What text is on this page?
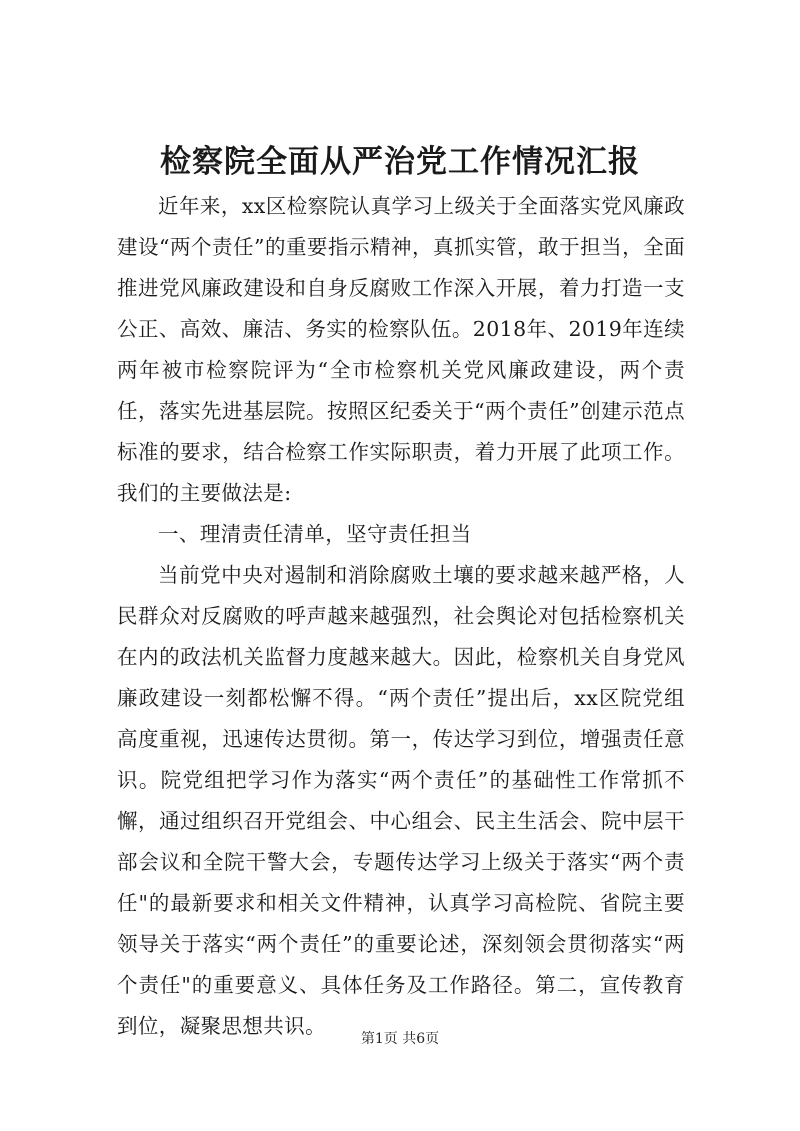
检察院全面从严治党工作情况汇报

近年来，xx区检察院认真学习上级关于全面落实党风廉政建设“两个责任”的重要指示精神，真抓实管，敢于担当，全面推进党风廉政建设和自身反腐败工作深入开展，着力打造一支公正、高效、廉洁、务实的检察队伍。2018年、2019年连续两年被市检察院评为“全市检察机关党风廉政建设，两个责任，落实先进基层院。按照区纪委关于“两个责任”创建示范点标准的要求，结合检察工作实际职责，着力开展了此项工作。我们的主要做法是:

一、理清责任清单，坚守责任担当

当前党中央对遏制和消除腐败土壤的要求越来越严格，人民群众对反腐败的呼声越来越强烈，社会舆论对包括检察机关在内的政法机关监督力度越来越大。因此，检察机关自身党风廉政建设一刻都松懈不得。“两个责任”提出后，xx区院党组高度重视，迅速传达贯彻。第一，传达学习到位，增强责任意识。院党组把学习作为落实“两个责任”的基础性工作常抓不懈，通过组织召开党组会、中心组会、民主生活会、院中层干部会议和全院干警大会，专题传达学习上级关于落实“两个责任"的最新要求和相关文件精神，认真学习高检院、省院主要领导关于落实“两个责任”的重要论述，深刻领会贯彻落实“两个责任"的重要意义、具体任务及工作路径。第二，宣传教育到位，凝聚思想共识。

第1页 共6页
